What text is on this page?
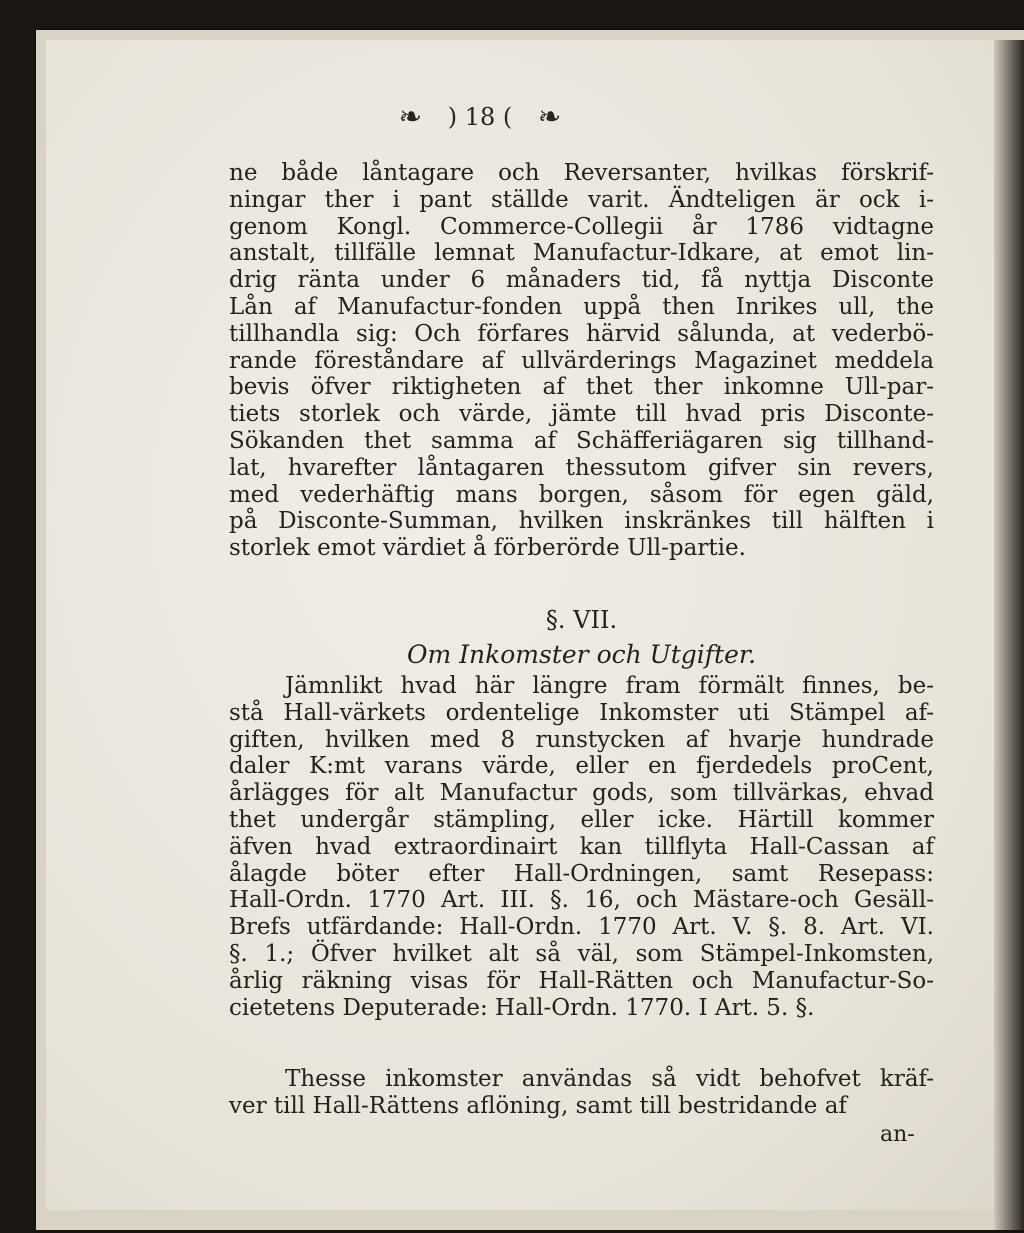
❧ ) 18 ( ❧
ne både låntagare och Reversanter, hvilkas förskrif-
ningar ther i pant ställde varit. Ändteligen är ock i-
genom Kongl. Commerce-Collegii år 1786 vidtagne
anstalt, tillfälle lemnat Manufactur-Idkare, at emot lin-
drig ränta under 6 månaders tid, få nyttja Discontе
Lån af Manufactur-fonden uppå then Inrikes ull, the
tillhandla sig: Och förfares härvid sålunda, at vederbö-
rande föreståndare af ullvärderings Magazinet meddela
bevis öfver riktigheten af thet ther inkomne Ull-par-
tiets storlek och värde, jämte till hvad pris Disconte-
Sökanden thet samma af Schäfferiägaren sig tillhand-
lat, hvarefter låntagaren thessutom gifver sin revers,
med vederhäftig mans borgen, såsom för egen gäld,
på Disconte-Summan, hvilken inskränkes till hälften i
storlek emot värdiet å förberörde Ull-partie.
§. VII.
Om Inkomster och Utgifter.
Jämnlikt hvad här längre fram förmält finnes, be-
stå Hall-värkets ordentelige Inkomster uti Stämpel af-
giften, hvilken med 8 runstycken af hvarje hundrade
daler K:mt varans värde, eller en fjerdedels proCent,
årlägges för alt Manufactur gods, som tillvärkas, ehvad
thet undergår stämpling, eller icke. Härtill kommer
äfven hvad extraordinairt kan tillflyta Hall-Cassan af
ålagde böter efter Hall-Ordningen, samt Resepass:
Hall-Ordn. 1770 Art. III. §. 16, och Mästare-och Gesäll-
Brefs utfärdande: Hall-Ordn. 1770 Art. V. §. 8. Art. VI.
§. 1.; Öfver hvilket alt så väl, som Stämpel-Inkomsten,
årlig räkning visas för Hall-Rätten och Manufactur-So-
cietetens Deputerade: Hall-Ordn. 1770. I Art. 5. §.
Thesse inkomster användas så vidt behofvet kräf-
ver till Hall-Rättens aflöning, samt till bestridande af
an-
